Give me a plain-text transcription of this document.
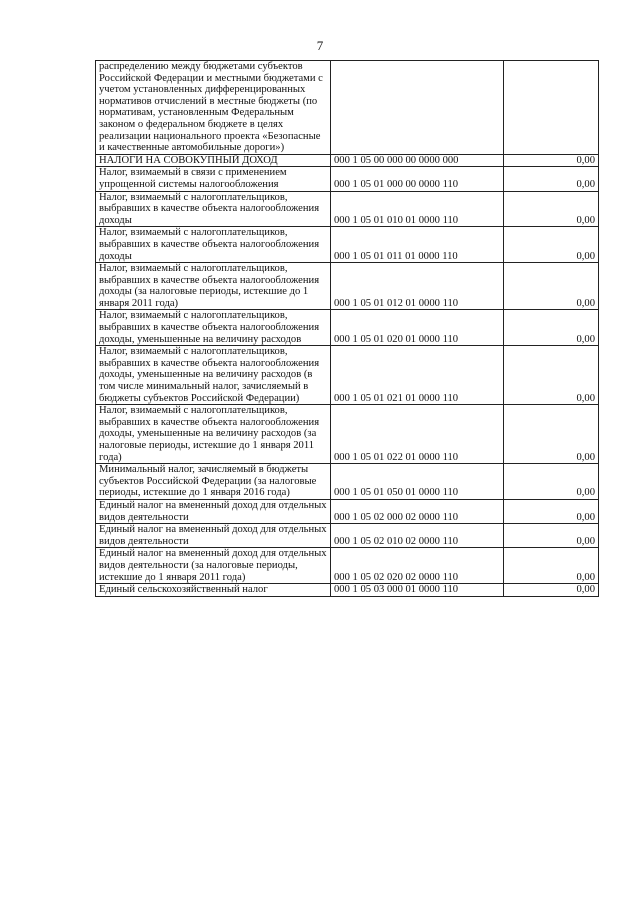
7
распределению между бюджетами субъектов Российской Федерации и местными бюджетами с учетом установленных дифференцированных нормативов отчислений в местные бюджеты (по нормативам, установленным Федеральным законом о федеральном бюджете в целях реализации национального проекта «Безопасные и качественные автомобильные дороги»)		
НАЛОГИ НА СОВОКУПНЫЙ ДОХОД	000 1 05 00 000 00 0000 000	0,00
Налог, взимаемый в связи с применением упрощенной системы налогообложения	000 1 05 01 000 00 0000 110	0,00
Налог, взимаемый с налогоплательщиков, выбравших в качестве объекта налогообложения доходы	000 1 05 01 010 01 0000 110	0,00
Налог, взимаемый с налогоплательщиков, выбравших в качестве объекта налогообложения доходы	000 1 05 01 011 01 0000 110	0,00
Налог, взимаемый с налогоплательщиков, выбравших в качестве объекта налогообложения доходы (за налоговые периоды, истекшие до 1 января 2011 года)	000 1 05 01 012 01 0000 110	0,00
Налог, взимаемый с налогоплательщиков, выбравших в качестве объекта налогообложения доходы, уменьшенные на величину расходов	000 1 05 01 020 01 0000 110	0,00
Налог, взимаемый с налогоплательщиков, выбравших в качестве объекта налогообложения доходы, уменьшенные на величину расходов (в том числе минимальный налог, зачисляемый в бюджеты субъектов Российской Федерации)	000 1 05 01 021 01 0000 110	0,00
Налог, взимаемый с налогоплательщиков, выбравших в качестве объекта налогообложения доходы, уменьшенные на величину расходов (за налоговые периоды, истекшие до 1 января 2011 года)	000 1 05 01 022 01 0000 110	0,00
Минимальный налог, зачисляемый в бюджеты субъектов Российской Федерации (за налоговые периоды, истекшие до 1 января 2016 года)	000 1 05 01 050 01 0000 110	0,00
Единый налог на вмененный доход для отдельных видов деятельности	000 1 05 02 000 02 0000 110	0,00
Единый налог на вмененный доход для отдельных видов деятельности	000 1 05 02 010 02 0000 110	0,00
Единый налог на вмененный доход для отдельных видов деятельности (за налоговые периоды, истекшие до 1 января 2011 года)	000 1 05 02 020 02 0000 110	0,00
Единый сельскохозяйственный налог	000 1 05 03 000 01 0000 110	0,00
